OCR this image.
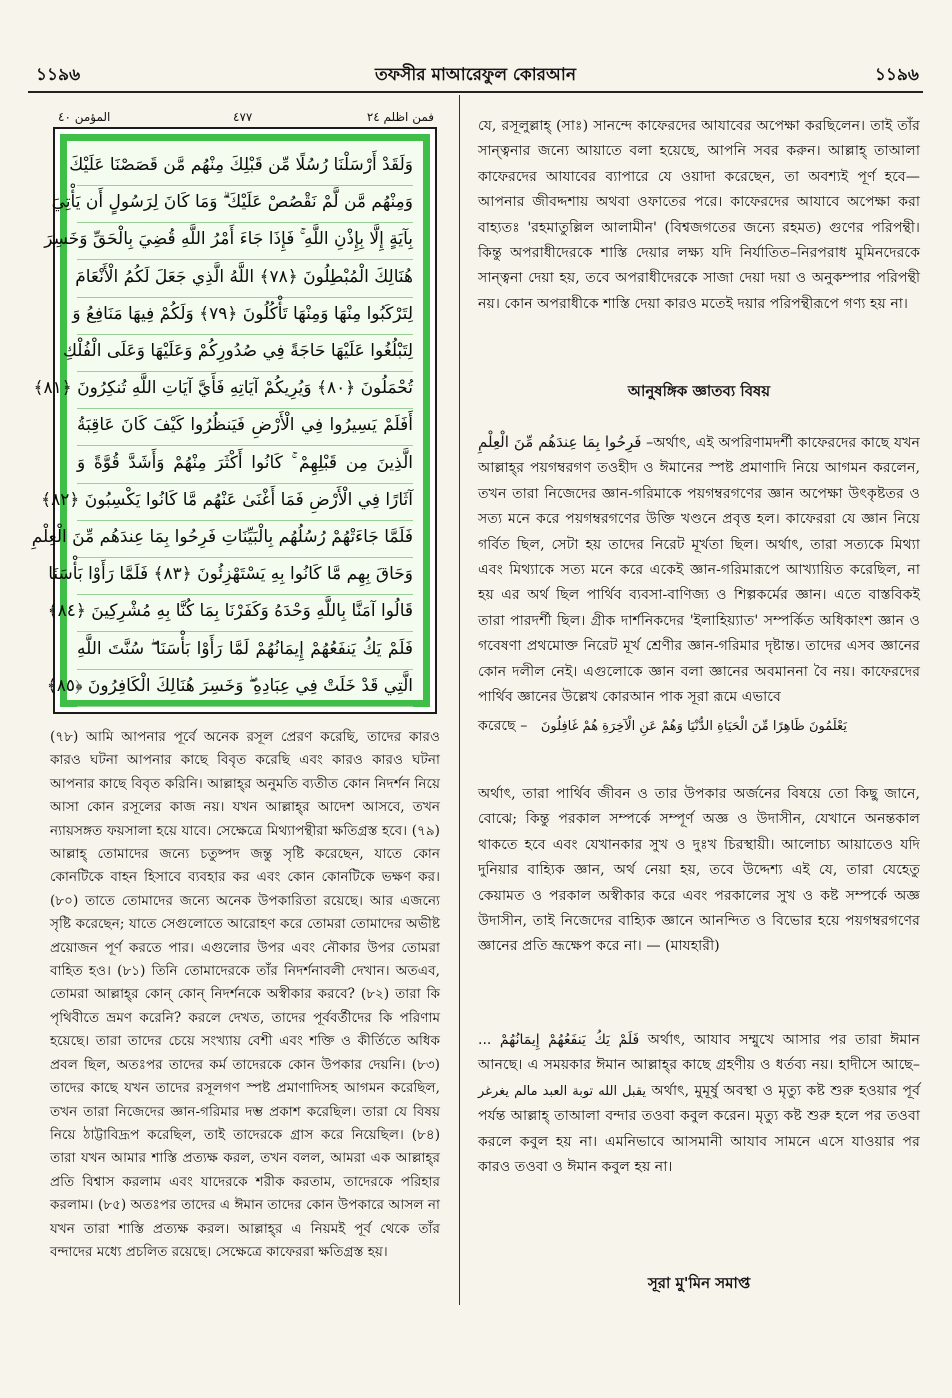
১১৯৬	তফসীর মাআরেফুল কোরআন	১১৯৬
فمن اظلم ٢٤
٤٧٧
المؤمن ٤٠
وَلَقَدْ أَرْسَلْنَا رُسُلًا مِّن قَبْلِكَ مِنْهُم مَّن قَصَصْنَا عَلَيْكَ
وَمِنْهُم مَّن لَّمْ نَقْصُصْ عَلَيْكَ ۗ وَمَا كَانَ لِرَسُولٍ أَن يَأْتِيَ
بِآيَةٍ إِلَّا بِإِذْنِ اللَّهِ ۚ فَإِذَا جَاءَ أَمْرُ اللَّهِ قُضِيَ بِالْحَقِّ وَخَسِرَ
هُنَالِكَ الْمُبْطِلُونَ ﴿٧٨﴾ اللَّهُ الَّذِي جَعَلَ لَكُمُ الْأَنْعَامَ
لِتَرْكَبُوا مِنْهَا وَمِنْهَا تَأْكُلُونَ ﴿٧٩﴾ وَلَكُمْ فِيهَا مَنَافِعُ وَ
لِتَبْلُغُوا عَلَيْهَا حَاجَةً فِي صُدُورِكُمْ وَعَلَيْهَا وَعَلَى الْفُلْكِ
تُحْمَلُونَ ﴿٨٠﴾ وَيُرِيكُمْ آيَاتِهِ فَأَيَّ آيَاتِ اللَّهِ تُنكِرُونَ ﴿٨١﴾
أَفَلَمْ يَسِيرُوا فِي الْأَرْضِ فَيَنظُرُوا كَيْفَ كَانَ عَاقِبَةُ
الَّذِينَ مِن قَبْلِهِمْ ۚ كَانُوا أَكْثَرَ مِنْهُمْ وَأَشَدَّ قُوَّةً وَ
آثَارًا فِي الْأَرْضِ فَمَا أَغْنَىٰ عَنْهُم مَّا كَانُوا يَكْسِبُونَ ﴿٨٢﴾
فَلَمَّا جَاءَتْهُمْ رُسُلُهُم بِالْبَيِّنَاتِ فَرِحُوا بِمَا عِندَهُم مِّنَ الْعِلْمِ
وَحَاقَ بِهِم مَّا كَانُوا بِهِ يَسْتَهْزِئُونَ ﴿٨٣﴾ فَلَمَّا رَأَوْا بَأْسَنَا
قَالُوا آمَنَّا بِاللَّهِ وَحْدَهُ وَكَفَرْنَا بِمَا كُنَّا بِهِ مُشْرِكِينَ ﴿٨٤﴾
فَلَمْ يَكُ يَنفَعُهُمْ إِيمَانُهُمْ لَمَّا رَأَوْا بَأْسَنَا ۖ سُنَّتَ اللَّهِ
الَّتِي قَدْ خَلَتْ فِي عِبَادِهِ ۖ وَخَسِرَ هُنَالِكَ الْكَافِرُونَ ﴿٨٥﴾

(৭৮) আমি আপনার পূর্বে অনেক রসূল প্রেরণ করেছি, তাদের কারও কারও ঘটনা আপনার কাছে বিবৃত করেছি এবং কারও কারও ঘটনা আপনার কাছে বিবৃত করিনি। আল্লাহ্‌র অনুমতি ব্যতীত কোন নিদর্শন নিয়ে আসা কোন রসূলের কাজ নয়। যখন আল্লাহ্‌র আদেশ আসবে, তখন ন্যায়সঙ্গত ফয়সালা হয়ে যাবে। সেক্ষেত্রে মিথ্যাপন্থীরা ক্ষতিগ্রস্ত হবে। (৭৯) আল্লাহ্ তোমাদের জন্যে চতুষ্পদ জন্তু সৃষ্টি করেছেন, যাতে কোন কোনটিকে বাহন হিসাবে ব্যবহার কর এবং কোন কোনটিকে ভক্ষণ কর। (৮০) তাতে তোমাদের জন্যে অনেক উপকারিতা রয়েছে। আর এজন্যে সৃষ্টি করেছেন; যাতে সেগুলোতে আরোহণ করে তোমরা তোমাদের অভীষ্ট প্রয়োজন পূর্ণ করতে পার। এগুলোর উপর এবং নৌকার উপর তোমরা বাহিত হও। (৮১) তিনি তোমাদেরকে তাঁর নিদর্শনাবলী দেখান। অতএব, তোমরা আল্লাহ্‌র কোন্‌ কোন্‌ নিদর্শনকে অস্বীকার করবে? (৮২) তারা কি পৃথিবীতে ভ্রমণ করেনি? করলে দেখত, তাদের পূর্ববর্তীদের কি পরিণাম হয়েছে। তারা তাদের চেয়ে সংখ্যায় বেশী এবং শক্তি ও কীর্তিতে অধিক প্রবল ছিল, অতঃপর তাদের কর্ম তাদেরকে কোন উপকার দেয়নি। (৮৩) তাদের কাছে যখন তাদের রসূলগণ স্পষ্ট প্রমাণাদিসহ আগমন করেছিল, তখন তারা নিজেদের জ্ঞান-গরিমার দম্ভ প্রকাশ করেছিল। তারা যে বিষয় নিয়ে ঠাট্টাবিদ্রূপ করেছিল, তাই তাদেরকে গ্রাস করে নিয়েছিল। (৮৪) তারা যখন আমার শাস্তি প্রত্যক্ষ করল, তখন বলল, আমরা এক আল্লাহ্‌র প্রতি বিশ্বাস করলাম এবং যাদেরকে শরীক করতাম, তাদেরকে পরিহার করলাম। (৮৫) অতঃপর তাদের এ ঈমান তাদের কোন উপকারে আসল না যখন তারা শাস্তি প্রত্যক্ষ করল। আল্লাহ্‌র এ নিয়মই পূর্ব থেকে তাঁর বন্দাদের মধ্যে প্রচলিত রয়েছে। সেক্ষেত্রে কাফেররা ক্ষতিগ্রস্ত হয়।

যে, রসূলুল্লাহ্ (সাঃ) সানন্দে কাফেরদের আযাবের অপেক্ষা করছিলেন। তাই তাঁর সান্ত্বনার জন্যে আয়াতে বলা হয়েছে, আপনি সবর করুন। আল্লাহ্ তাআলা কাফেরদের আযাবের ব্যাপারে যে ওয়াদা করেছেন, তা অবশ্যই পূর্ণ হবে—আপনার জীবদ্দশায় অথবা ওফাতের পরে। কাফেরদের আযাবে অপেক্ষা করা বাহ্যতঃ 'রহমাতুল্লিল আলামীন' (বিশ্বজগতের জন্যে রহমত) গুণের পরিপন্থী। কিন্তু অপরাধীদেরকে শাস্তি দেয়ার লক্ষ্য যদি নির্যাতিত–নিরপরাধ মুমিনদেরকে সান্ত্বনা দেয়া হয়, তবে অপরাধীদেরকে সাজা দেয়া দয়া ও অনুকম্পার পরিপন্থী নয়। কোন অপরাধীকে শাস্তি দেয়া কারও মতেই দয়ার পরিপন্থীরূপে গণ্য হয় না।

আনুষঙ্গিক জ্ঞাতব্য বিষয়

فَرِحُوا بِمَا عِندَهُم مِّنَ الْعِلْمِ –অর্থাৎ, এই অপরিণামদর্শী কাফেরদের কাছে যখন আল্লাহ্‌র পয়গম্বরগণ তওহীদ ও ঈমানের স্পষ্ট প্রমাণাদি নিয়ে আগমন করলেন, তখন তারা নিজেদের জ্ঞান-গরিমাকে পয়গম্বরগণের জ্ঞান অপেক্ষা উৎকৃষ্টতর ও সত্য মনে করে পয়গম্বরগণের উক্তি খণ্ডনে প্রবৃত্ত হল। কাফেররা যে জ্ঞান নিয়ে গর্বিত ছিল, সেটা হয় তাদের নিরেট মূর্খতা ছিল। অর্থাৎ, তারা সত্যকে মিথ্যা এবং মিথ্যাকে সত্য মনে করে একেই জ্ঞান-গরিমারূপে আখ্যায়িত করেছিল, না হয় এর অর্থ ছিল পার্থিব ব্যবসা-বাণিজ্য ও শিল্পকর্মের জ্ঞান। এতে বাস্তবিকই তারা পারদর্শী ছিল। গ্রীক দার্শনিকদের 'ইলাহিয়্যাত' সম্পর্কিত অধিকাংশ জ্ঞান ও গবেষণা প্রথমোক্ত নিরেট মূর্খ শ্রেণীর জ্ঞান-গরিমার দৃষ্টান্ত। তাদের এসব জ্ঞানের কোন দলীল নেই। এগুলোকে জ্ঞান বলা জ্ঞানের অবমাননা বৈ নয়। কাফেরদের পার্থিব জ্ঞানের উল্লেখ কোরআন পাক সূরা রূমে এভাবে

করেছে – يَعْلَمُونَ ظَاهِرًا مِّنَ الْحَيَاةِ الدُّنْيَا وَهُمْ عَنِ الْآخِرَةِ هُمْ غَافِلُونَ

অর্থাৎ, তারা পার্থিব জীবন ও তার উপকার অর্জনের বিষয়ে তো কিছু জানে, বোঝে; কিন্তু পরকাল সম্পর্কে সম্পূর্ণ অজ্ঞ ও উদাসীন, যেখানে অনন্তকাল থাকতে হবে এবং যেখানকার সুখ ও দুঃখ চিরস্থায়ী। আলোচ্য আয়াতেও যদি দুনিয়ার বাহ্যিক জ্ঞান, অর্থ নেয়া হয়, তবে উদ্দেশ্য এই যে, তারা যেহেতু কেয়ামত ও পরকাল অস্বীকার করে এবং পরকালের সুখ ও কষ্ট সম্পর্কে অজ্ঞ উদাসীন, তাই নিজেদের বাহ্যিক জ্ঞানে আনন্দিত ও বিভোর হয়ে পয়গম্বরগণের জ্ঞানের প্রতি ভ্রূক্ষেপ করে না। — (মাযহারী)

فَلَمْ يَكُ يَنفَعُهُمْ إِيمَانُهُمْ ... অর্থাৎ, আযাব সম্মুখে আসার পর তারা ঈমান আনছে। এ সময়কার ঈমান আল্লাহ্‌র কাছে গ্রহণীয় ও ধর্তব্য নয়। হাদীসে আছে– يقبل الله توبة العبد مالم يغرغر অর্থাৎ, মুমূর্ষু অবস্থা ও মৃত্যু কষ্ট শুরু হওয়ার পূর্ব পর্যন্ত আল্লাহ্ তাআলা বন্দার তওবা কবুল করেন। মৃত্যু কষ্ট শুরু হলে পর তওবা করলে কবুল হয় না। এমনিভাবে আসমানী আযাব সামনে এসে যাওয়ার পর কারও তওবা ও ঈমান কবুল হয় না।

সূরা মু'মিন সমাপ্ত
